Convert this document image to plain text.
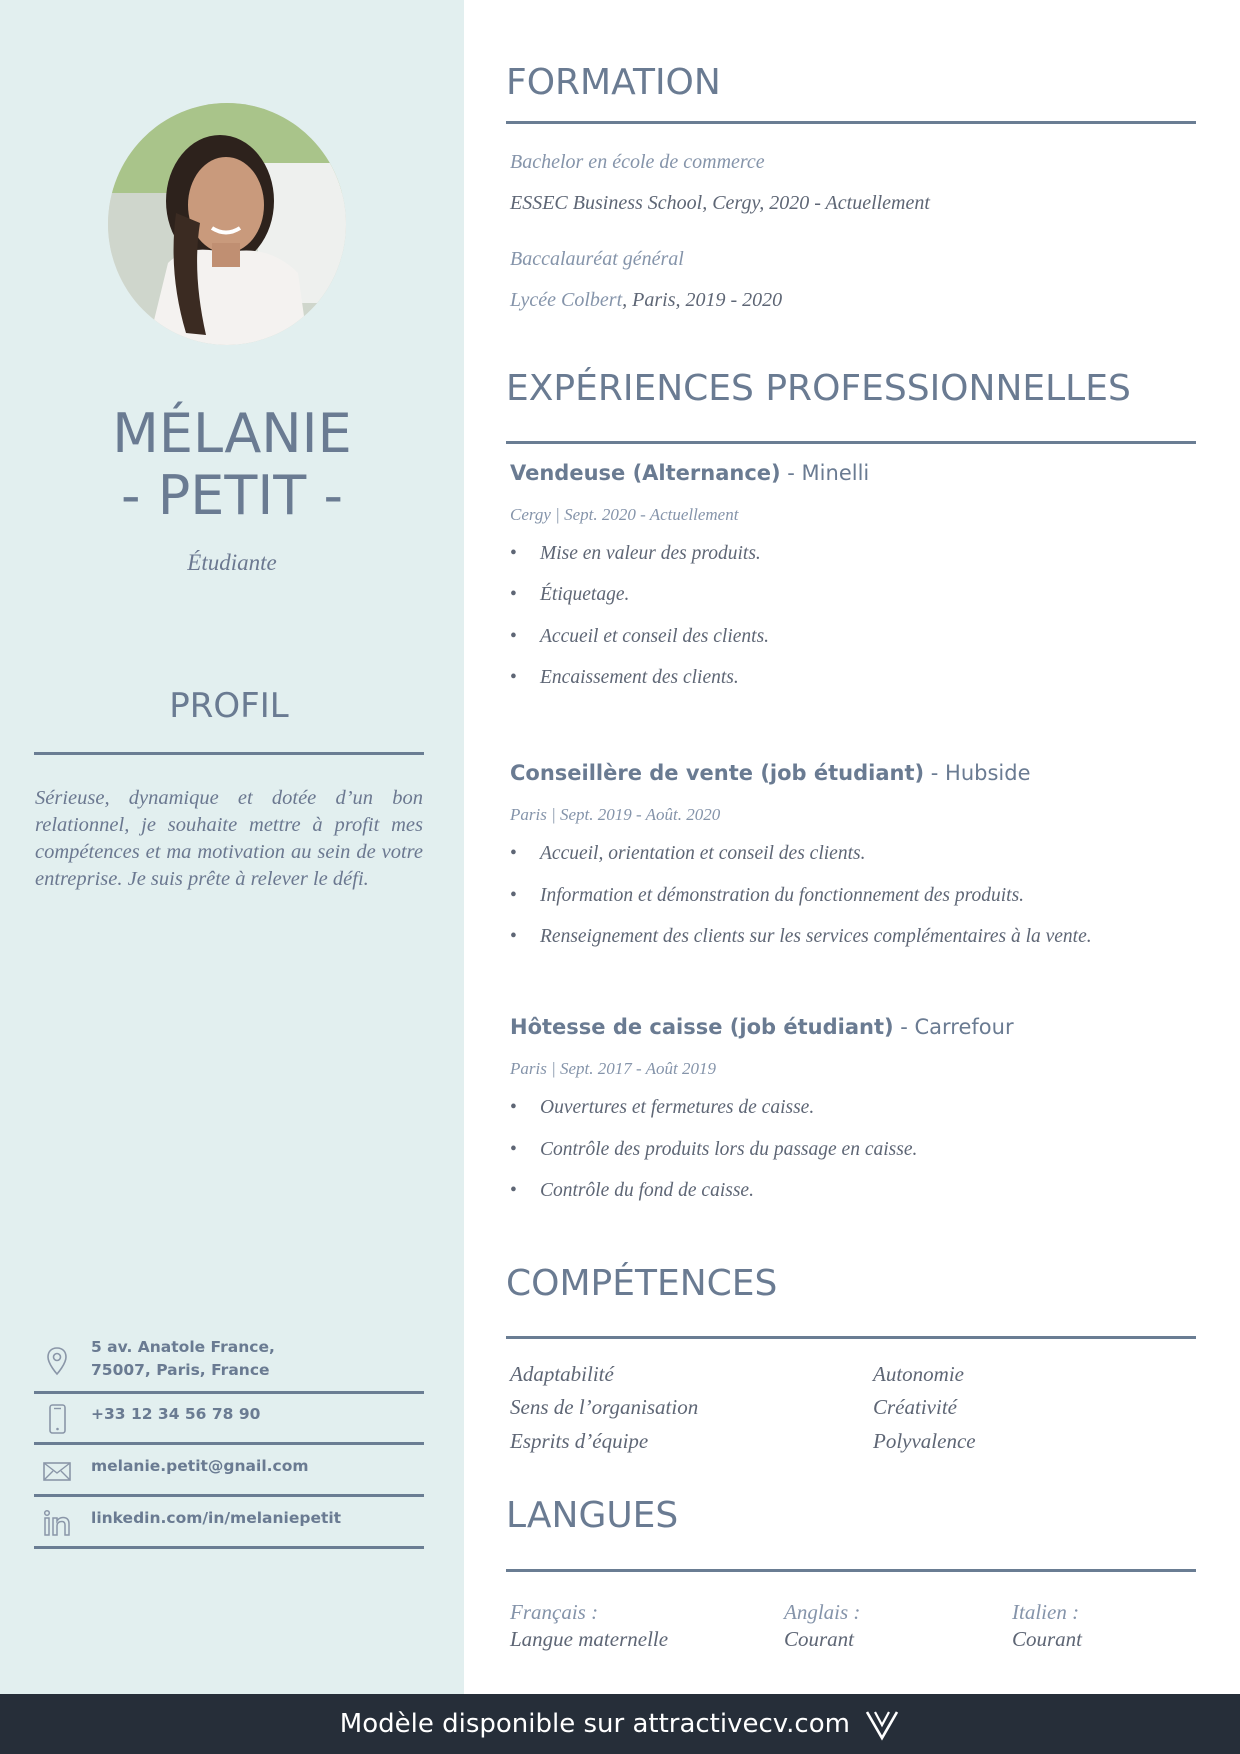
MÉLANIE
- PETIT -
Étudiante
PROFIL
Sérieuse, dynamique et dotée d’un bon relationnel, je souhaite mettre à profit mes compétences et ma motivation au sein de votre entreprise. Je suis prête à relever le défi.
5 av. Anatole France,
75007, Paris, France
+33 12 34 56 78 90
melanie.petit@gnail.com
linkedin.com/in/melaniepetit
FORMATION
Bachelor en école de commerce
ESSEC Business School, Cergy, 2020 - Actuellement
Baccalauréat général
Lycée Colbert, Paris, 2019 - 2020
EXPÉRIENCES PROFESSIONNELLES
Vendeuse (Alternance) - Minelli
Cergy | Sept. 2020 - Actuellement
• Mise en valeur des produits.
• Étiquetage.
• Accueil et conseil des clients.
• Encaissement des clients.
Conseillère de vente (job étudiant) - Hubside
Paris | Sept. 2019 - Août. 2020
• Accueil, orientation et conseil des clients.
• Information et démonstration du fonctionnement des produits.
• Renseignement des clients sur les services complémentaires à la vente.
Hôtesse de caisse (job étudiant) - Carrefour
Paris | Sept. 2017 - Août 2019
• Ouvertures et fermetures de caisse.
• Contrôle des produits lors du passage en caisse.
• Contrôle du fond de caisse.
COMPÉTENCES
Adaptabilité
Sens de l’organisation
Esprits d’équipe
Autonomie
Créativité
Polyvalence
LANGUES
Français :
Langue maternelle
Anglais :
Courant
Italien :
Courant
Modèle disponible sur attractivecv.com
